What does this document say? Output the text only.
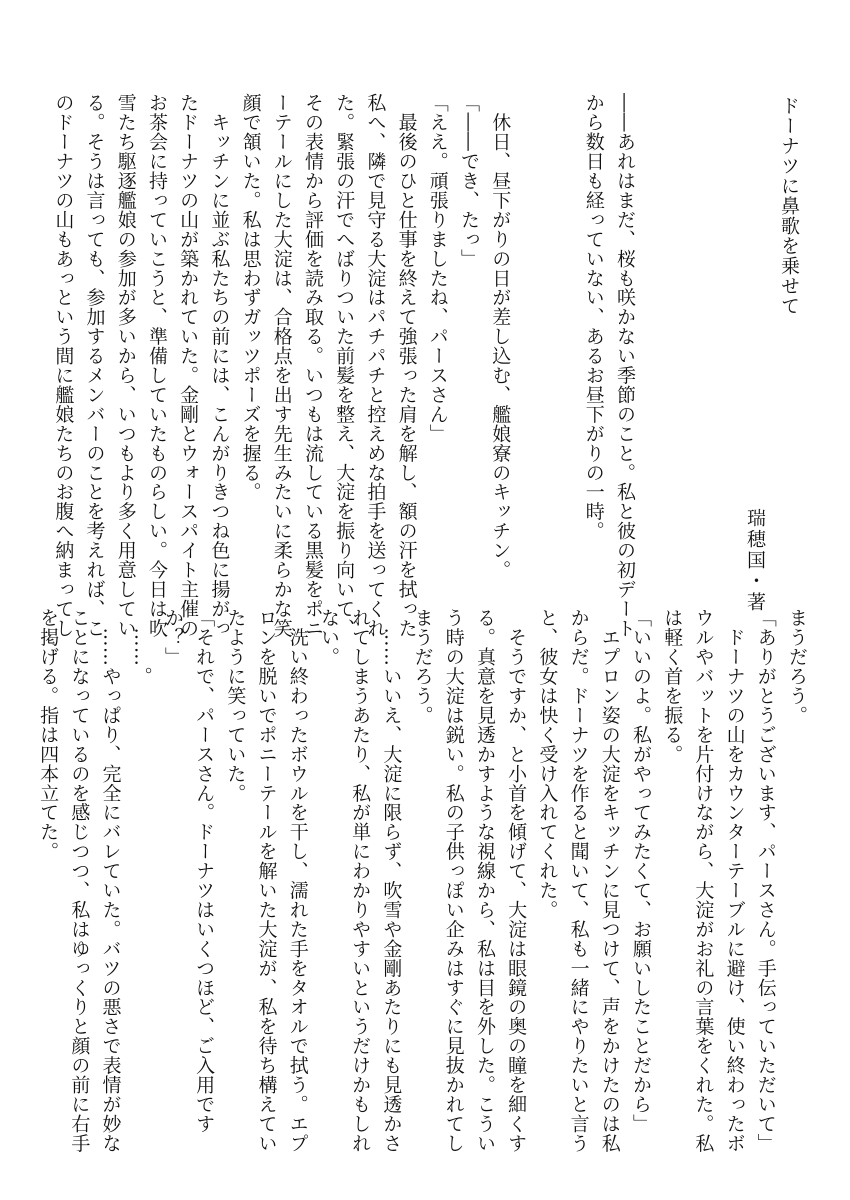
ドーナツに鼻歌を乗せて
瑞穂国・著

――あれはまだ、桜も咲かない季節のこと。私と彼の初デート

から数日も経っていない、あるお昼下がりの一時。

　休日、昼下がりの日が差し込む、艦娘寮のキッチン。

「――でき、たっ」

「ええ。頑張りましたね、パースさん」

　最後のひと仕事を終えて強張った肩を解し、額の汗を拭った

私へ、隣で見守る大淀はパチパチと控えめな拍手を送ってくれ

た。緊張の汗でへばりついた前髪を整え、大淀を振り向いて、

その表情から評価を読み取る。いつもは流している黒髪をポニ

ーテールにした大淀は、合格点を出す先生みたいに柔らかな笑

顔で頷いた。私は思わずガッツポーズを握る。

　キッチンに並ぶ私たちの前には、こんがりきつね色に揚がっ

たドーナツの山が築かれていた。金剛とウォースパイト主催の

お茶会に持っていこうと、準備していたものらしい。今日は吹

雪たち駆逐艦娘の参加が多いから、いつもより多く用意してい

る。そうは言っても、参加するメンバーのことを考えれば、こ

のドーナツの山もあっという間に艦娘たちのお腹へ納まってし

まうだろう。

「ありがとうございます、パースさん。手伝っていただいて」

　ドーナツの山をカウンターテーブルに避け、使い終わったボ

ウルやバットを片付けながら、大淀がお礼の言葉をくれた。私

は軽く首を振る。

「いいのよ。私がやってみたくて、お願いしたことだから」

　エプロン姿の大淀をキッチンに見つけて、声をかけたのは私

からだ。ドーナツを作ると聞いて、私も一緒にやりたいと言う

と、彼女は快く受け入れてくれた。

　そうですか、と小首を傾げて、大淀は眼鏡の奥の瞳を細くす

る。真意を見透かすような視線から、私は目を外した。こうい

う時の大淀は鋭い。私の子供っぽい企みはすぐに見抜かれてし

まうだろう。

　……いいえ、大淀に限らず、吹雪や金剛あたりにも見透かさ

れてしまうあたり、私が単にわかりやすいというだけかもしれ

ない。

　洗い終わったボウルを干し、濡れた手をタオルで拭う。エプ

ロンを脱いでポニーテールを解いた大淀が、私を待ち構えてい

たように笑っていた。

「それで、パースさん。ドーナツはいくつほど、ご入用です

か？」

　……。

　……やっぱり、完全にバレていた。バツの悪さで表情が妙な

ことになっているのを感じつつ、私はゆっくりと顔の前に右手

を掲げる。指は四本立てた。
